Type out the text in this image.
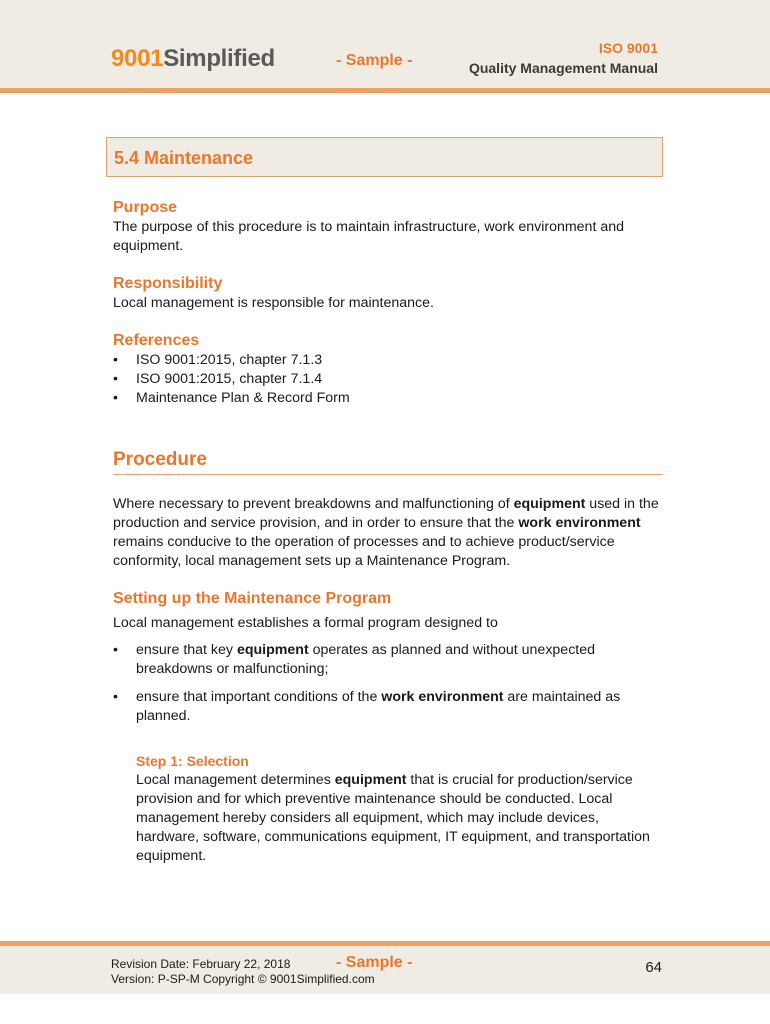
9001Simplified	- Sample -
ISO 9001
Quality Management Manual
5.4 Maintenance
Purpose

The purpose of this procedure is to maintain infrastructure, work environment and equipment.

Responsibility

Local management is responsible for maintenance.

References
• ISO 9001:2015, chapter 7.1.3
• ISO 9001:2015, chapter 7.1.4
• Maintenance Plan & Record Form
Procedure

Where necessary to prevent breakdowns and malfunctioning of equipment used in the production and service provision, and in order to ensure that the work environment remains conducive to the operation of processes and to achieve product/service conformity, local management sets up a Maintenance Program.

Setting up the Maintenance Program

Local management establishes a formal program designed to

• ensure that key equipment operates as planned and without unexpected breakdowns or malfunctioning;
• ensure that important conditions of the work environment are maintained as planned.
Step 1: Selection

Local management determines equipment that is crucial for production/service provision and for which preventive maintenance should be conducted. Local management hereby considers all equipment, which may include devices, hardware, software, communications equipment, IT equipment, and transportation equipment.

Revision Date: February 22, 2018
Version: P-SP-M Copyright © 9001Simplified.com
- Sample -	64
